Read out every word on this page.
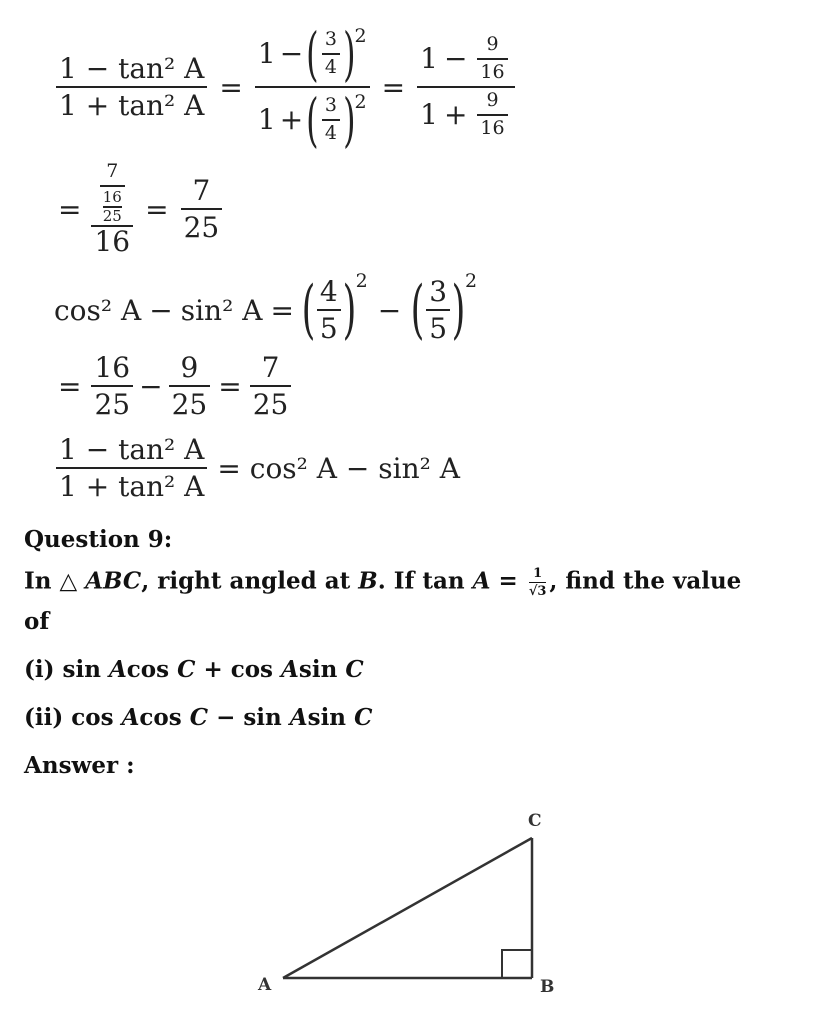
$\frac{\text{1 − tan² A}}{\text{1 + tan² A}}$ =
1 − ( $\frac{3}{4}$ ) 2
1 + ( $\frac{3}{4}$ ) $2 = \frac{1 - \frac{9}{16}}{1 + \frac{9}{16}}$
= 7
16
25
$16 = \frac{7}{25}$
cos² A − sin² A = ( $\frac{4}{5}$ ) 2
− ( $\frac{3}{5}$ ) 2
= $\frac{16}{25} - \frac{9}{25} = \frac{7}{25}$
$\frac{\text{1 − tan² A}}{\text{1 + tan² A}} = \cos^2$ A − sin² A
Question 9:
In △ ABC, right angled at B. If $\tan A = \frac{1}{√3}$ , find the value
of
(i) sin Acos C + cos Asin C
(ii) cos Acos C − sin Asin C
Answer :
A	B
C
